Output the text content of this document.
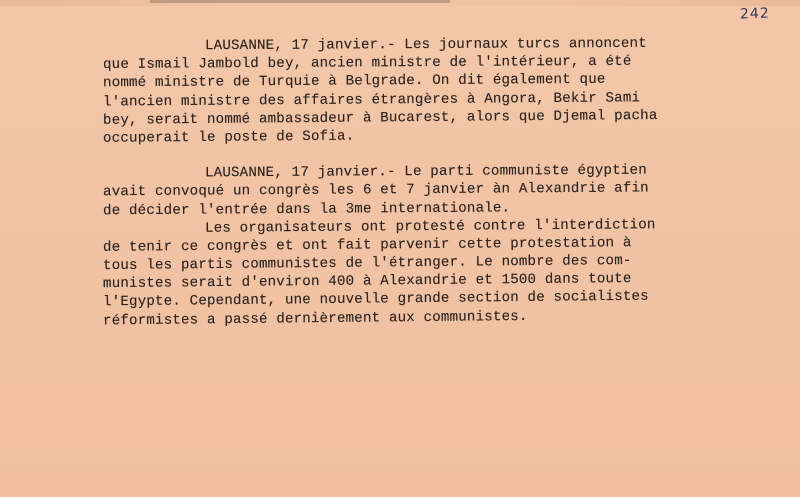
242
LAUSANNE, 17 janvier.- Les journaux turcs annoncent
que Ismail Jambold bey, ancien ministre de l'intérieur, a été
nommé ministre de Turquie à Belgrade. On dit également que
l'ancien ministre des affaires étrangères à Angora, Bekir Sami
bey, serait nommé ambassadeur à Bucarest, alors que Djemal pacha
occuperait le poste de Sofia.
LAUSANNE, 17 janvier.- Le parti communiste égyptien
avait convoqué un congrès les 6 et 7 janvier àn Alexandrie afin
de décider l'entrée dans la 3me internationale.
Les organisateurs ont protesté contre l'interdiction
de tenir ce congrès et ont fait parvenir cette protestation à
tous les partis communistes de l'étranger. Le nombre des com-
munistes serait d'environ 400 à Alexandrie et 1500 dans toute
l'Egypte. Cependant, une nouvelle grande section de socialistes
réformistes a passé dernièrement aux communistes.
